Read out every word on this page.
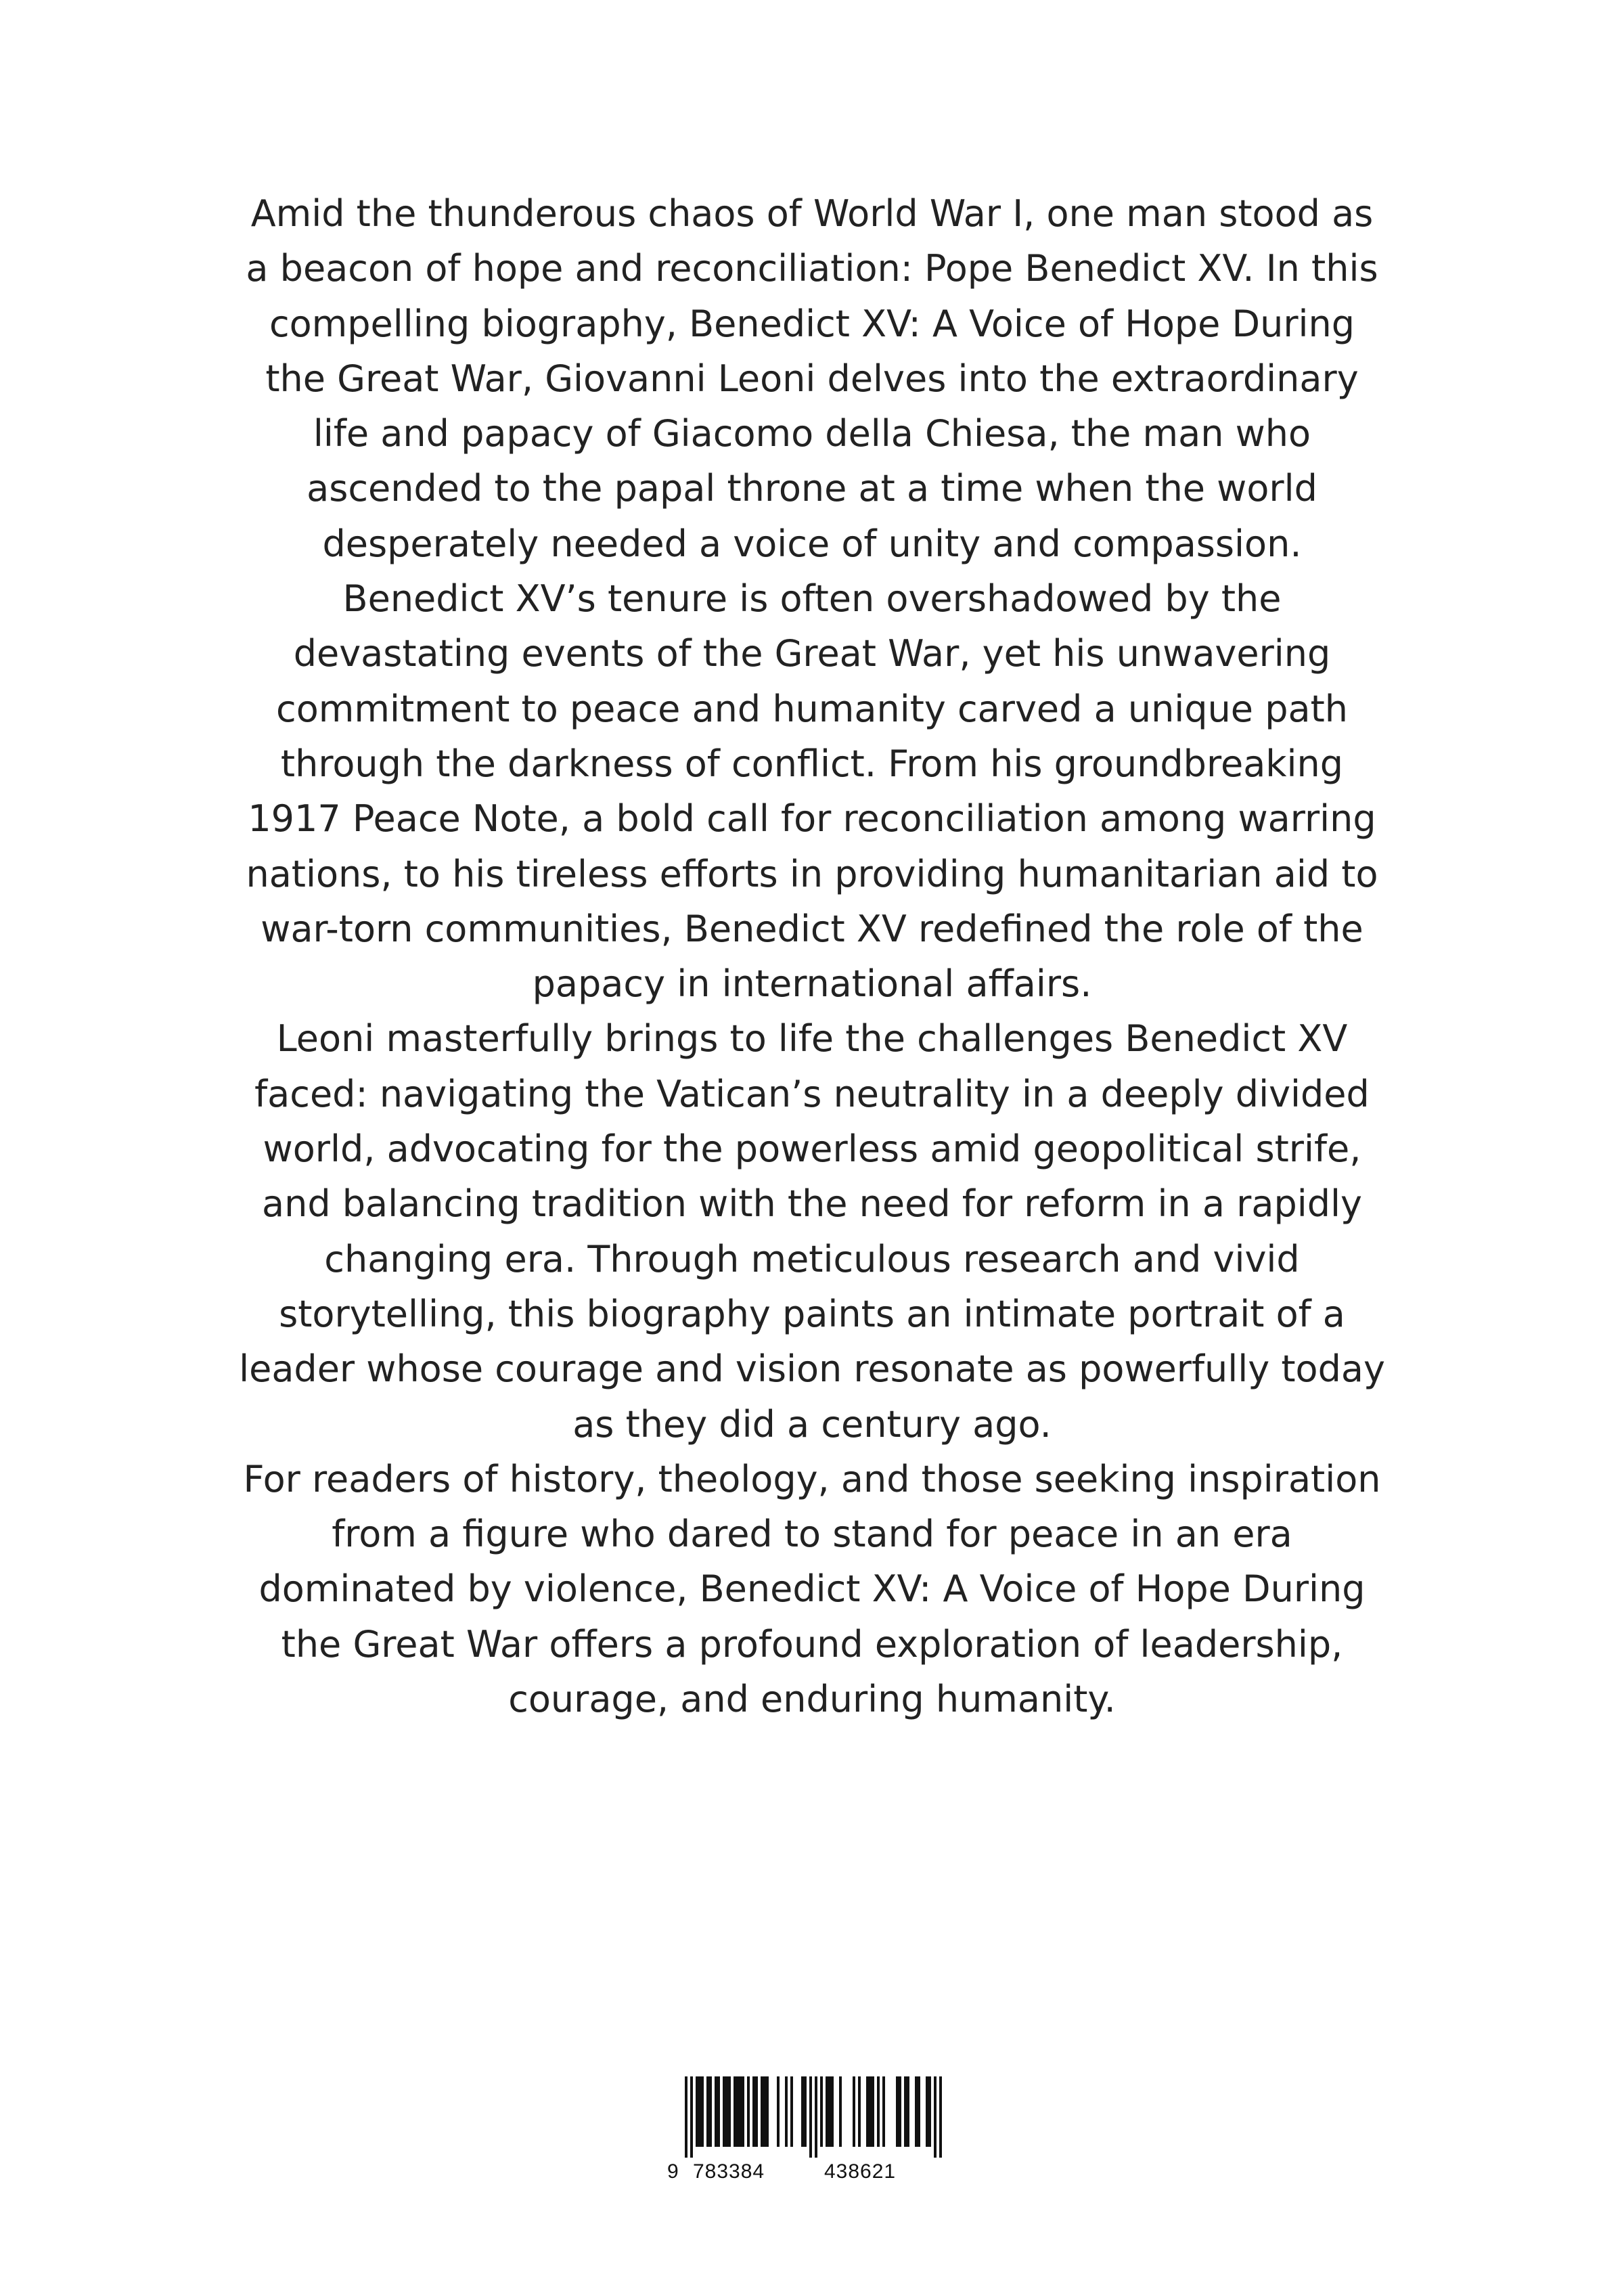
Amid the thunderous chaos of World War I, one man stood as
a beacon of hope and reconciliation: Pope Benedict XV. In this
compelling biography, Benedict XV: A Voice of Hope During
the Great War, Giovanni Leoni delves into the extraordinary
life and papacy of Giacomo della Chiesa, the man who
ascended to the papal throne at a time when the world
desperately needed a voice of unity and compassion.
Benedict XV’s tenure is often overshadowed by the
devastating events of the Great War, yet his unwavering
commitment to peace and humanity carved a unique path
through the darkness of conflict. From his groundbreaking
1917 Peace Note, a bold call for reconciliation among warring
nations, to his tireless efforts in providing humanitarian aid to
war-torn communities, Benedict XV redefined the role of the
papacy in international affairs.
Leoni masterfully brings to life the challenges Benedict XV
faced: navigating the Vatican’s neutrality in a deeply divided
world, advocating for the powerless amid geopolitical strife,
and balancing tradition with the need for reform in a rapidly
changing era. Through meticulous research and vivid
storytelling, this biography paints an intimate portrait of a
leader whose courage and vision resonate as powerfully today
as they did a century ago.
For readers of history, theology, and those seeking inspiration
from a figure who dared to stand for peace in an era
dominated by violence, Benedict XV: A Voice of Hope During
the Great War offers a profound exploration of leadership,
courage, and enduring humanity.
9 783384	438621
